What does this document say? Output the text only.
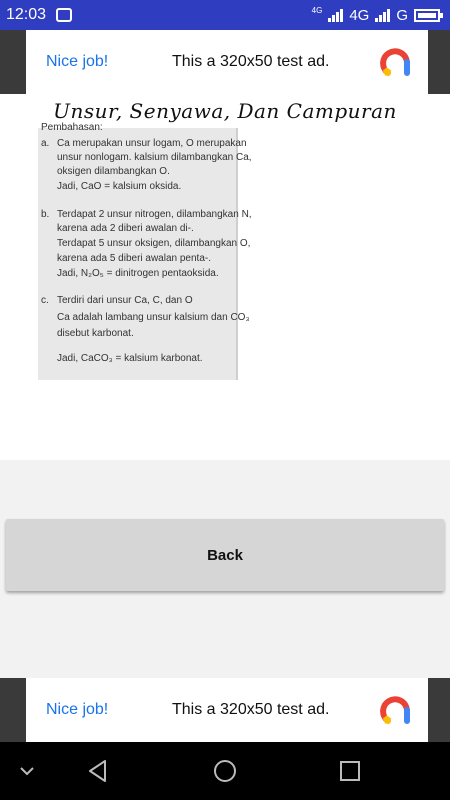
12:03	4G 4G G
Nice job!	This a 320x50 test ad.
Unsur, Senyawa, Dan Campuran
Pembahasan:
a. Ca merupakan unsur logam, O merupakan
unsur nonlogam. kalsium dilambangkan Ca,
oksigen dilambangkan O.
Jadi, CaO = kalsium oksida.
b. Terdapat 2 unsur nitrogen, dilambangkan N,
karena ada 2 diberi awalan di-.
Terdapat 5 unsur oksigen, dilambangkan O,
karena ada 5 diberi awalan penta-.
Jadi, N₂O₅ = dinitrogen pentaoksida.
c. Terdiri dari unsur Ca, C, dan O
Ca adalah lambang unsur kalsium dan CO₃
disebut karbonat.
Jadi, CaCO₃ = kalsium karbonat.
Back
Nice job!	This a 320x50 test ad.
